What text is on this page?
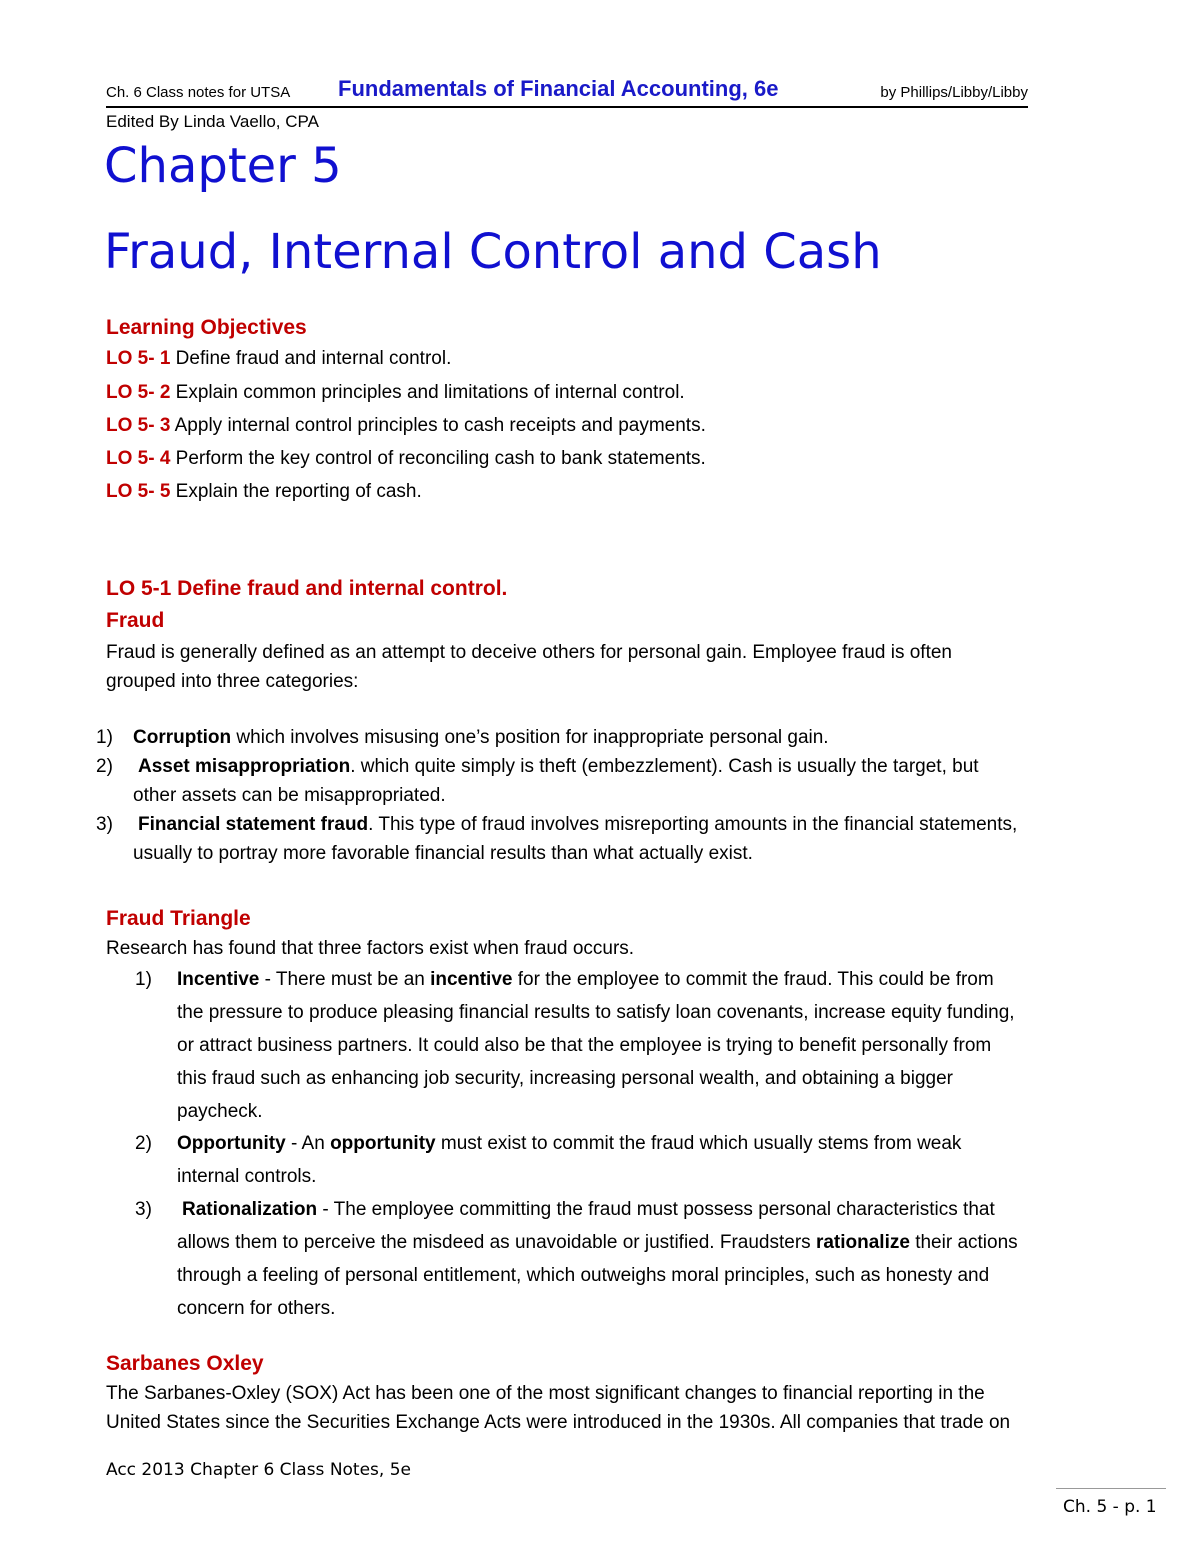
Ch. 6 Class notes for UTSA Fundamentals of Financial Accounting, 6e	by Phillips/Libby/Libby
Edited By Linda Vaello, CPA
Chapter 5
Fraud, Internal Control and Cash
Learning Objectives
LO 5- 1 Define fraud and internal control.
LO 5- 2 Explain common principles and limitations of internal control.
LO 5- 3 Apply internal control principles to cash receipts and payments.
LO 5- 4 Perform the key control of reconciling cash to bank statements.
LO 5- 5 Explain the reporting of cash.
LO 5-1 Define fraud and internal control.
Fraud
Fraud is generally defined as an attempt to deceive others for personal gain. Employee fraud is often
grouped into three categories:
1) Corruption which involves misusing one’s position for inappropriate personal gain.
2) Asset misappropriation. which quite simply is theft (embezzlement). Cash is usually the target, but
other assets can be misappropriated.
3) Financial statement fraud. This type of fraud involves misreporting amounts in the financial statements,
usually to portray more favorable financial results than what actually exist.
Fraud Triangle
Research has found that three factors exist when fraud occurs.
1) Incentive - There must be an incentive for the employee to commit the fraud. This could be from
the pressure to produce pleasing financial results to satisfy loan covenants, increase equity funding,
or attract business partners. It could also be that the employee is trying to benefit personally from
this fraud such as enhancing job security, increasing personal wealth, and obtaining a bigger
paycheck.
2) Opportunity - An opportunity must exist to commit the fraud which usually stems from weak
internal controls.
3) Rationalization - The employee committing the fraud must possess personal characteristics that
allows them to perceive the misdeed as unavoidable or justified. Fraudsters rationalize their actions
through a feeling of personal entitlement, which outweighs moral principles, such as honesty and
concern for others.
Sarbanes Oxley
The Sarbanes-Oxley (SOX) Act has been one of the most significant changes to financial reporting in the
United States since the Securities Exchange Acts were introduced in the 1930s. All companies that trade on
Acc 2013 Chapter 6 Class Notes, 5e
Ch. 5 - p. 1
